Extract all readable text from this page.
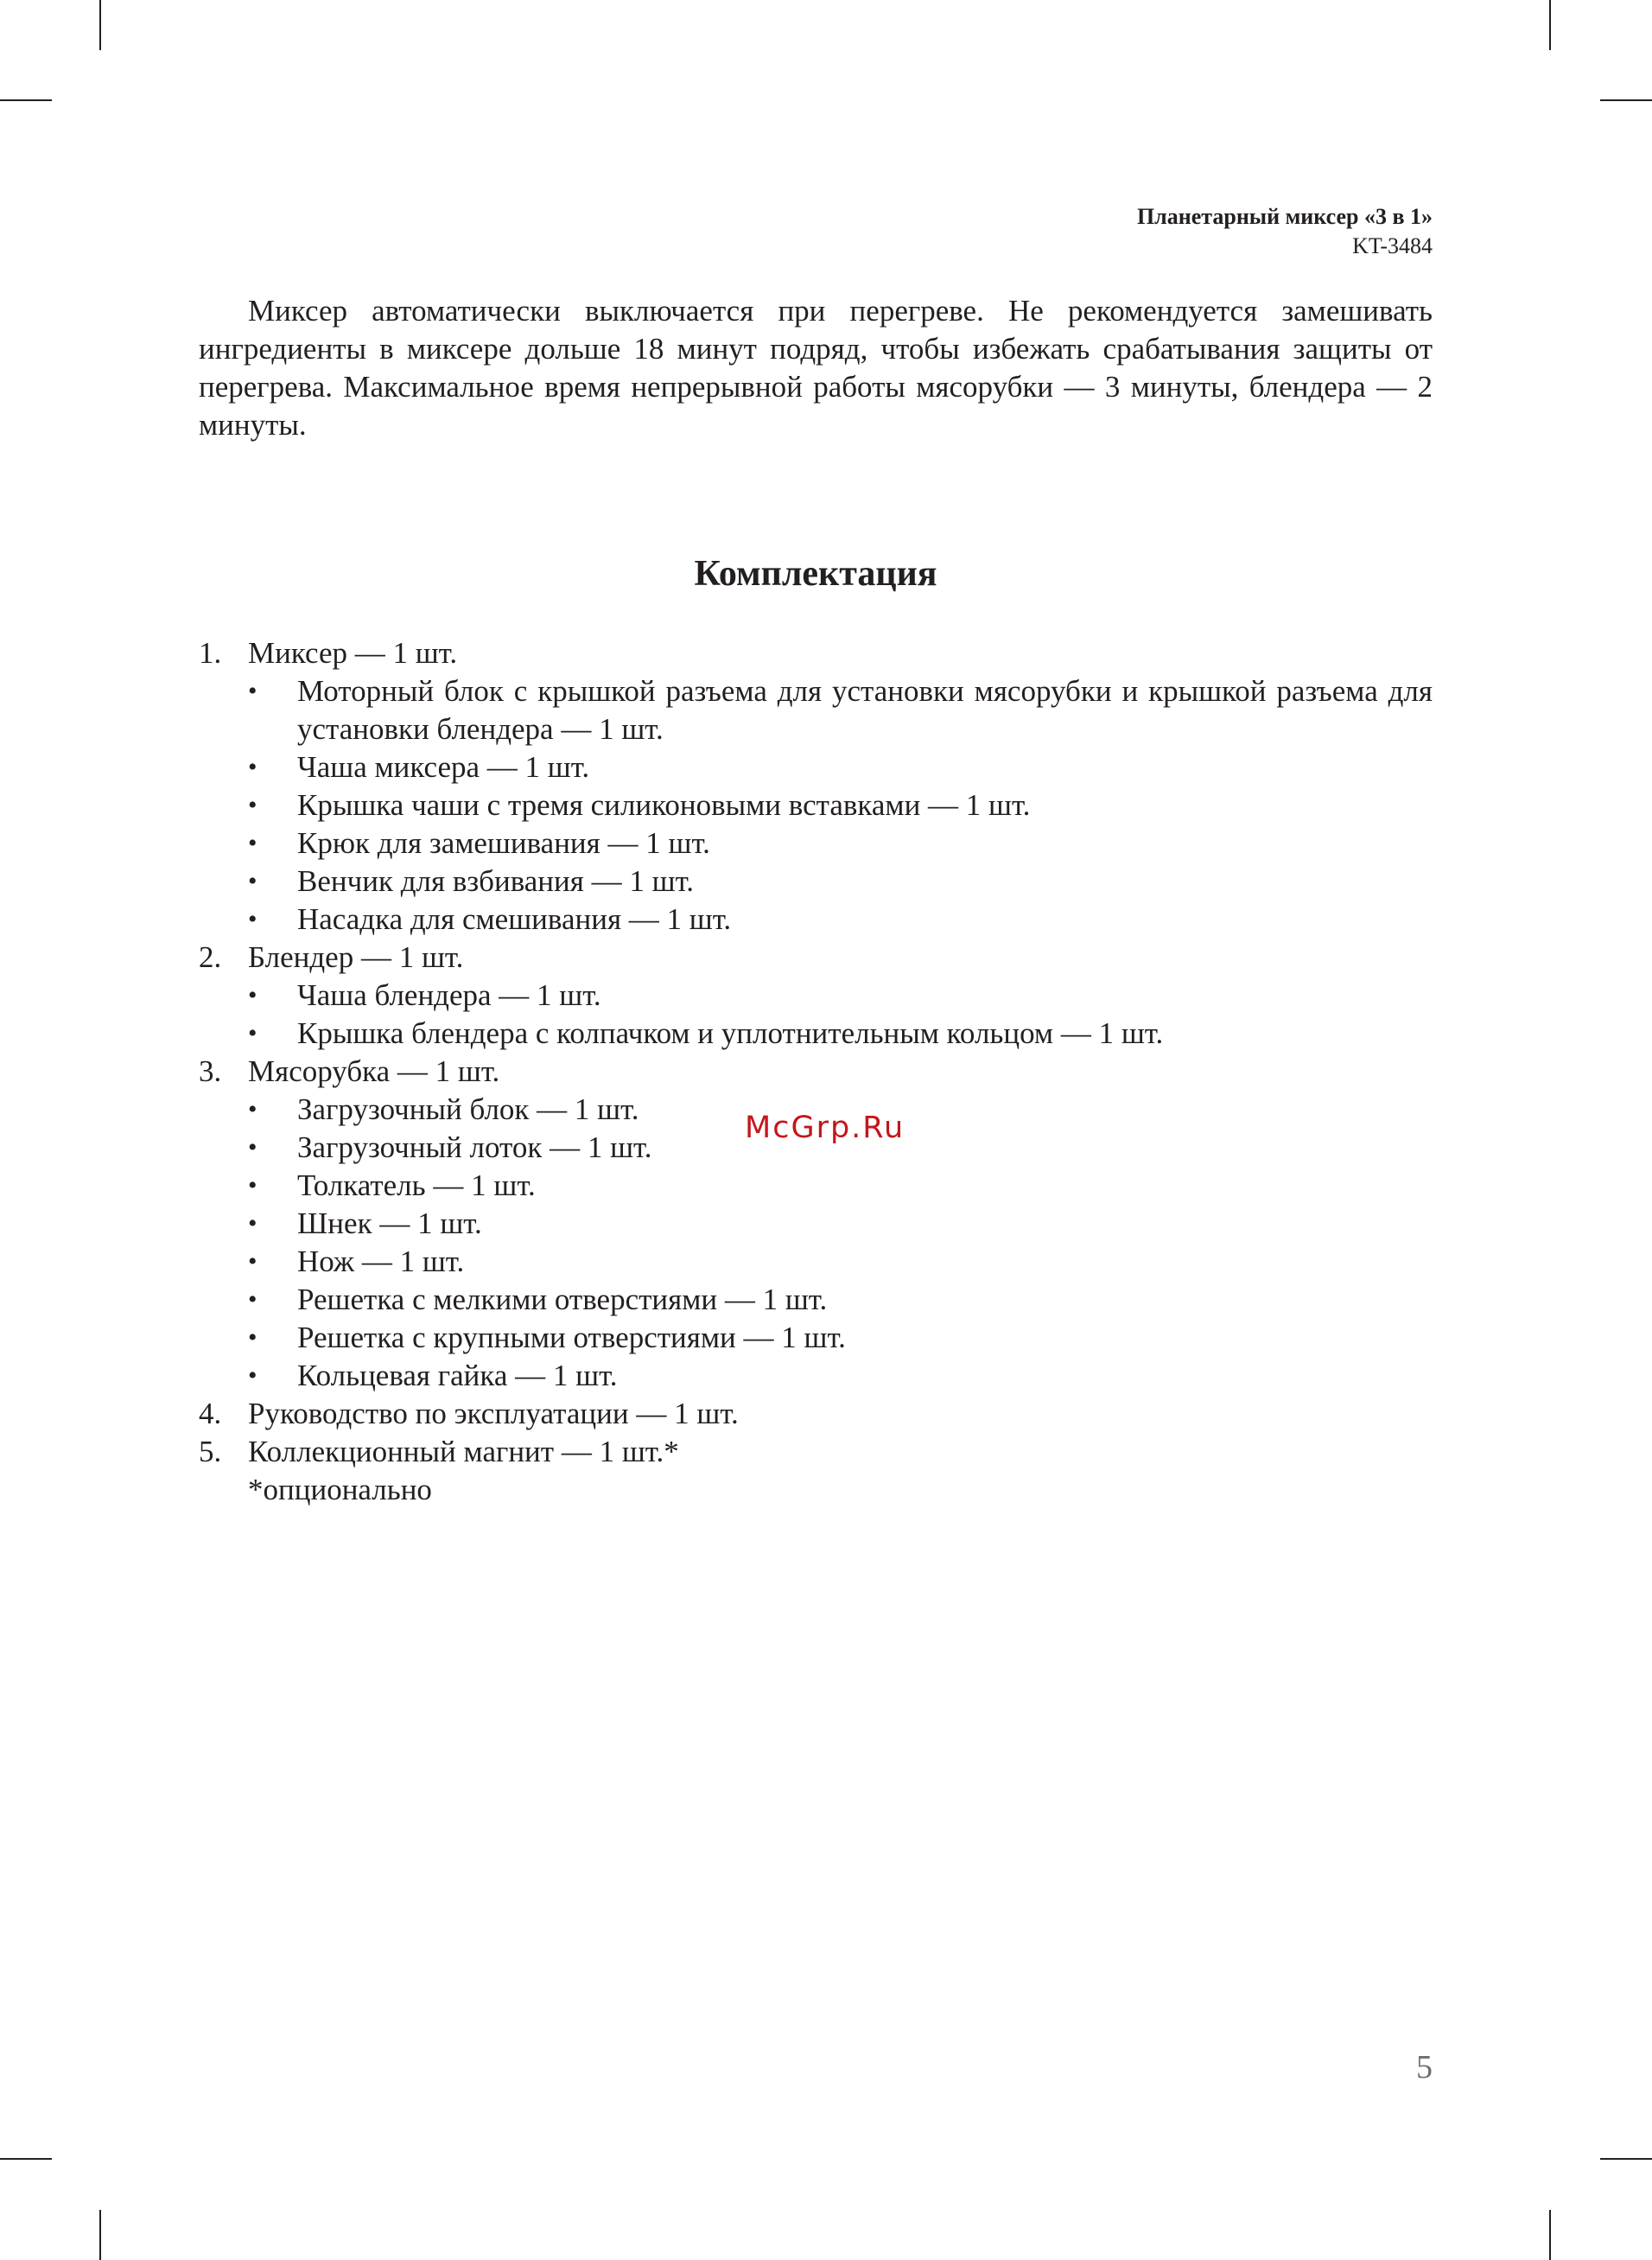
Планетарный миксер «3 в 1»
KT-3484

Миксер автоматически выключается при перегреве. Не рекомендуется замешивать ингредиенты в миксере дольше 18 минут подряд, чтобы избежать срабатывания защиты от перегрева. Максимальное время непрерывной работы мясорубки — 3 минуты, блендера — 2 минуты.

Комплектация
1. Миксер — 1 шт.
• Моторный блок с крышкой разъема для установки мясорубки и крышкой разъема для установки блендера — 1 шт.
• Чаша миксера — 1 шт.
• Крышка чаши с тремя силиконовыми вставками — 1 шт.
• Крюк для замешивания — 1 шт.
• Венчик для взбивания — 1 шт.
• Насадка для смешивания — 1 шт.
2. Блендер — 1 шт.
• Чаша блендера — 1 шт.
• Крышка блендера с колпачком и уплотнительным кольцом — 1 шт.
3. Мясорубка — 1 шт.
• Загрузочный блок — 1 шт.
• Загрузочный лоток — 1 шт.
• Толкатель — 1 шт.
• Шнек — 1 шт.
• Нож — 1 шт.
• Решетка с мелкими отверстиями — 1 шт.
• Решетка с крупными отверстиями — 1 шт.
• Кольцевая гайка — 1 шт.
4. Руководство по эксплуатации — 1 шт.
5. Коллекционный магнит — 1 шт.*
*опционально
McGrp.Ru
5
